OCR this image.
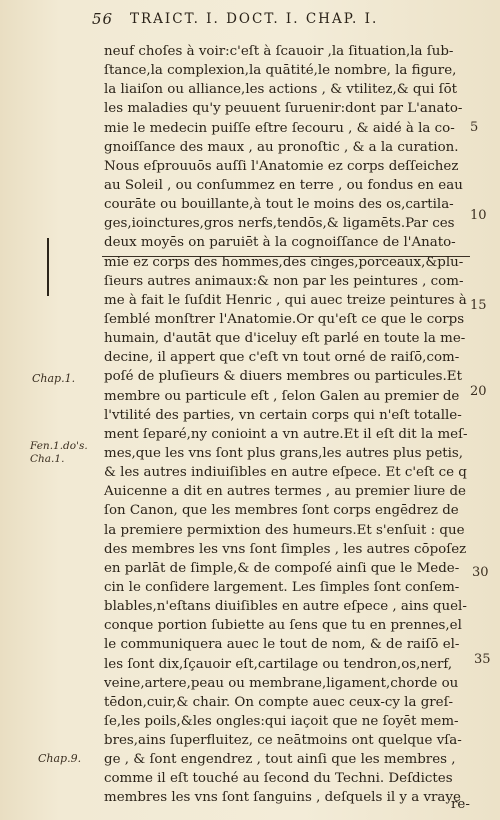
56 TRAICT. I. DOCT. I. CHAP. I.
neuf choſes à voir:c'eſt à ſcauoir ,la ſituation,la ſub-
ſtance,la complexion,la quātité,le nombre, la figure,
la liaiſon ou alliance,les actions , & vtilitez,& qui ſōt
les maladies qu'y peuuent ſuruenir:dont par L'anato-
mie le medecin puiſſe eſtre ſecouru , & aidé à la co-
gnoiſſance des maux , au pronoſtic , & a la curation.
Nous eſprouuōs auſſi l'Anatomie ez corps deſſeichez
au Soleil , ou conſummez en terre , ou fondus en eau
courāte ou bouillante,à tout le moins des os,cartila-
ges,ioinctures,gros nerfs,tendōs,& ligamēts.Par ces
deux moyēs on paruiēt à la cognoiſſance de l'Anato-
mie ez corps des hommes,des cinges,porceaux,&plu-
ſieurs autres animaux:& non par les peintures , com-
me à fait le ſuſdit Henric , qui auec treize peintures à
ſemblé monſtrer l'Anatomie.Or qu'eſt ce que le corps
humain, d'autāt que d'iceluy eſt parlé en toute la me-
decine, il appert que c'eſt vn tout orné de raiſō,com-
poſé de pluſieurs & diuers membres ou particules.Et
membre ou particule eſt , ſelon Galen au premier de
l'vtilité des parties, vn certain corps qui n'eſt totalle-
ment ſeparé,ny conioint a vn autre.Et il eſt dit la meſ-
mes,que les vns ſont plus grans,les autres plus petis,
& les autres indiuiſibles en autre eſpece. Et c'eſt ce q
Auicenne a dit en autres termes , au premier liure de
ſon Canon, que les membres ſont corps engēdrez de
la premiere permixtion des humeurs.Et s'enſuit : que
des membres les vns ſont ſimples , les autres cōpoſez
en parlāt de ſimple,& de compoſé ainſi que le Mede-
cin le conſidere largement. Les ſimples ſont conſem-
blables,n'eſtans diuiſibles en autre eſpece , ains quel-
conque portion ſubiette au ſens que tu en prennes,el
le communiquera auec le tout de nom, & de raiſō el-
les ſont dix,ſçauoir eſt,cartilage ou tendron,os,nerf,
veine,artere,peau ou membrane,ligament,chorde ou
tēdon,cuir,& chair. On compte auec ceux-cy la greſ-
ſe,les poils,&les ongles:qui iaçoit que ne ſoyēt mem-
bres,ains ſuperfluitez, ce neātmoins ont quelque vſa-
ge , & ſont engendrez , tout ainſi que les membres ,
comme il eſt touché au ſecond du Techni. Deſdictes
membres les vns ſont ſanguins , deſquels il y a vraye
re-
Chap.1.
Fen.1.do's. Cha.1.
Chap.9.
5
10
15
20
30
35
